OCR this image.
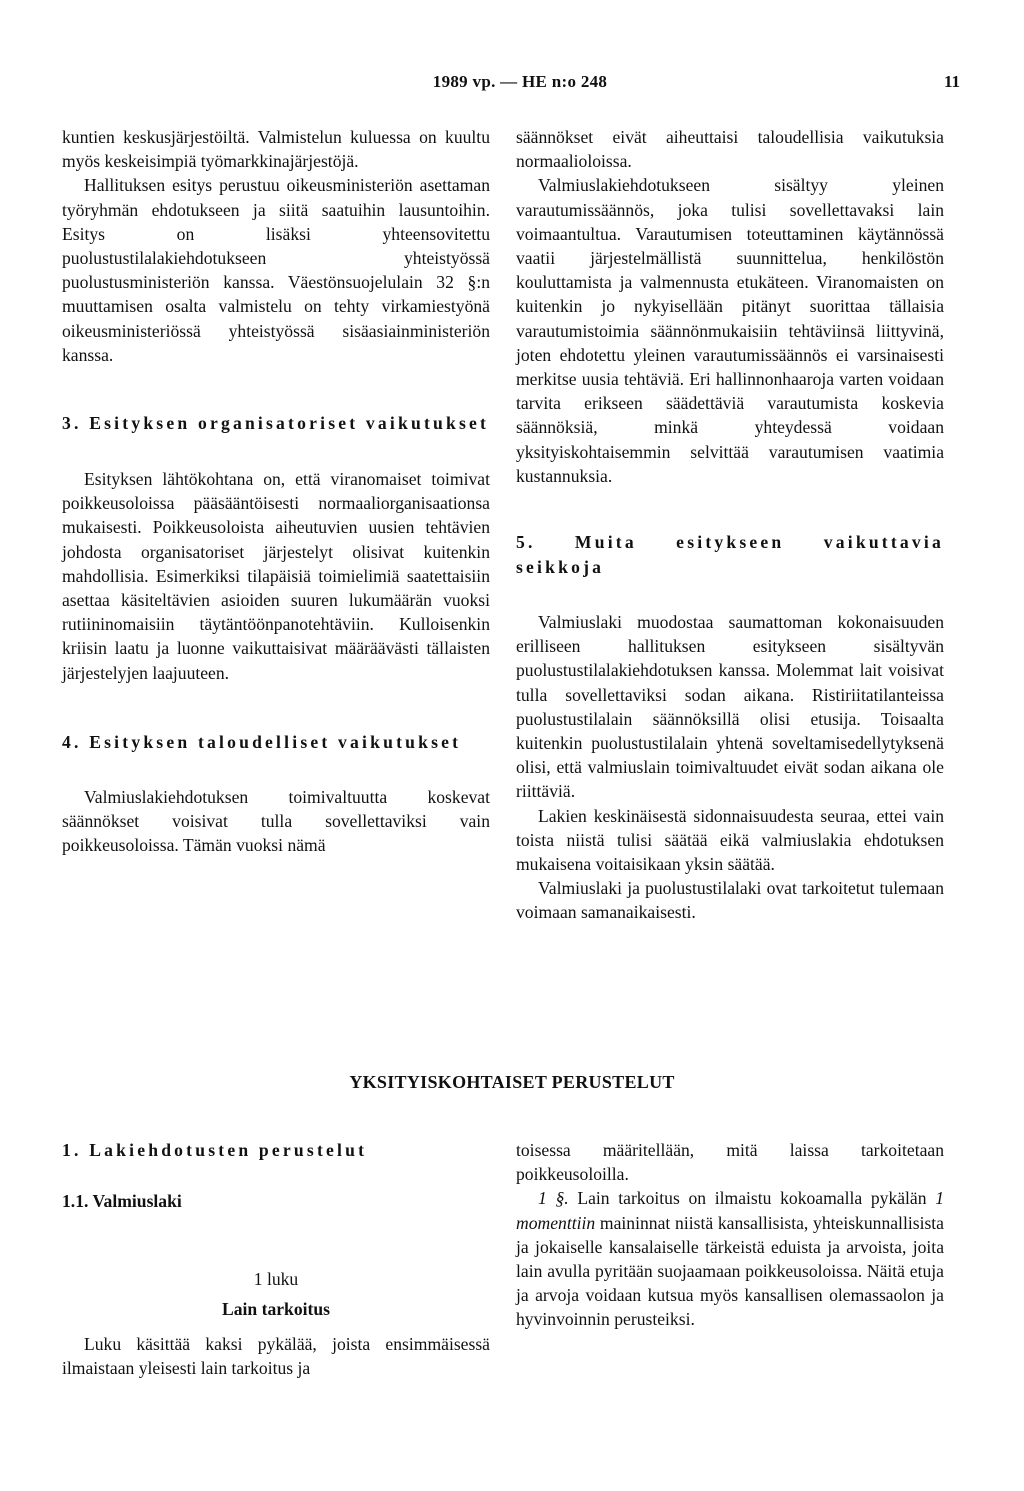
1989 vp. — HE n:o 248	11

kuntien keskusjärjestöiltä. Valmistelun kuluessa on kuultu myös keskeisimpiä työmarkkinajärjestöjä.

Hallituksen esitys perustuu oikeusministeriön asettaman työryhmän ehdotukseen ja siitä saatuihin lausuntoihin. Esitys on lisäksi yhteensovitettu puolustustilalakiehdotukseen yhteistyössä puolustusministeriön kanssa. Väestönsuojelulain 32 §:n muuttamisen osalta valmistelu on tehty virkamiestyönä oikeusministeriössä yhteistyössä sisäasiainministeriön kanssa.

3. Esityksen organisatoriset vaikutukset

Esityksen lähtökohtana on, että viranomaiset toimivat poikkeusoloissa pääsääntöisesti normaaliorganisaationsa mukaisesti. Poikkeusoloista aiheutuvien uusien tehtävien johdosta organisatoriset järjestelyt olisivat kuitenkin mahdollisia. Esimerkiksi tilapäisiä toimielimiä saatettaisiin asettaa käsiteltävien asioiden suuren lukumäärän vuoksi rutiininomaisiin täytäntöönpanotehtäviin. Kulloisenkin kriisin laatu ja luonne vaikuttaisivat määräävästi tällaisten järjestelyjen laajuuteen.

4. Esityksen taloudelliset vaikutukset

Valmiuslakiehdotuksen toimivaltuutta koskevat säännökset voisivat tulla sovellettaviksi vain poikkeusoloissa. Tämän vuoksi nämä

säännökset eivät aiheuttaisi taloudellisia vaikutuksia normaalioloissa.

Valmiuslakiehdotukseen sisältyy yleinen varautumissäännös, joka tulisi sovellettavaksi lain voimaantultua. Varautumisen toteuttaminen käytännössä vaatii järjestelmällistä suunnittelua, henkilöstön kouluttamista ja valmennusta etukäteen. Viranomaisten on kuitenkin jo nykyisellään pitänyt suorittaa tällaisia varautumistoimia säännönmukaisiin tehtäviinsä liittyvinä, joten ehdotettu yleinen varautumissäännös ei varsinaisesti merkitse uusia tehtäviä. Eri hallinnonhaaroja varten voidaan tarvita erikseen säädettäviä varautumista koskevia säännöksiä, minkä yhteydessä voidaan yksityiskohtaisemmin selvittää varautumisen vaatimia kustannuksia.

5. Muita esitykseen vaikuttavia seikkoja

Valmiuslaki muodostaa saumattoman kokonaisuuden erilliseen hallituksen esitykseen sisältyvän puolustustilalakiehdotuksen kanssa. Molemmat lait voisivat tulla sovellettaviksi sodan aikana. Ristiriitatilanteissa puolustustilalain säännöksillä olisi etusija. Toisaalta kuitenkin puolustustilalain yhtenä soveltamisedellytyksenä olisi, että valmiuslain toimivaltuudet eivät sodan aikana ole riittäviä.

Lakien keskinäisestä sidonnaisuudesta seuraa, ettei vain toista niistä tulisi säätää eikä valmiuslakia ehdotuksen mukaisena voitaisikaan yksin säätää.

Valmiuslaki ja puolustustilalaki ovat tarkoitetut tulemaan voimaan samanaikaisesti.

YKSITYISKOHTAISET PERUSTELUT

1. Lakiehdotusten perustelut

1.1. Valmiuslaki

1 luku

Lain tarkoitus

Luku käsittää kaksi pykälää, joista ensimmäisessä ilmaistaan yleisesti lain tarkoitus ja

toisessa määritellään, mitä laissa tarkoitetaan poikkeusoloilla.

1 §. Lain tarkoitus on ilmaistu kokoamalla pykälän 1 momenttiin maininnat niistä kansallisista, yhteiskunnallisista ja jokaiselle kansalaiselle tärkeistä eduista ja arvoista, joita lain avulla pyritään suojaamaan poikkeusoloissa. Näitä etuja ja arvoja voidaan kutsua myös kansallisen olemassaolon ja hyvinvoinnin perusteiksi.
